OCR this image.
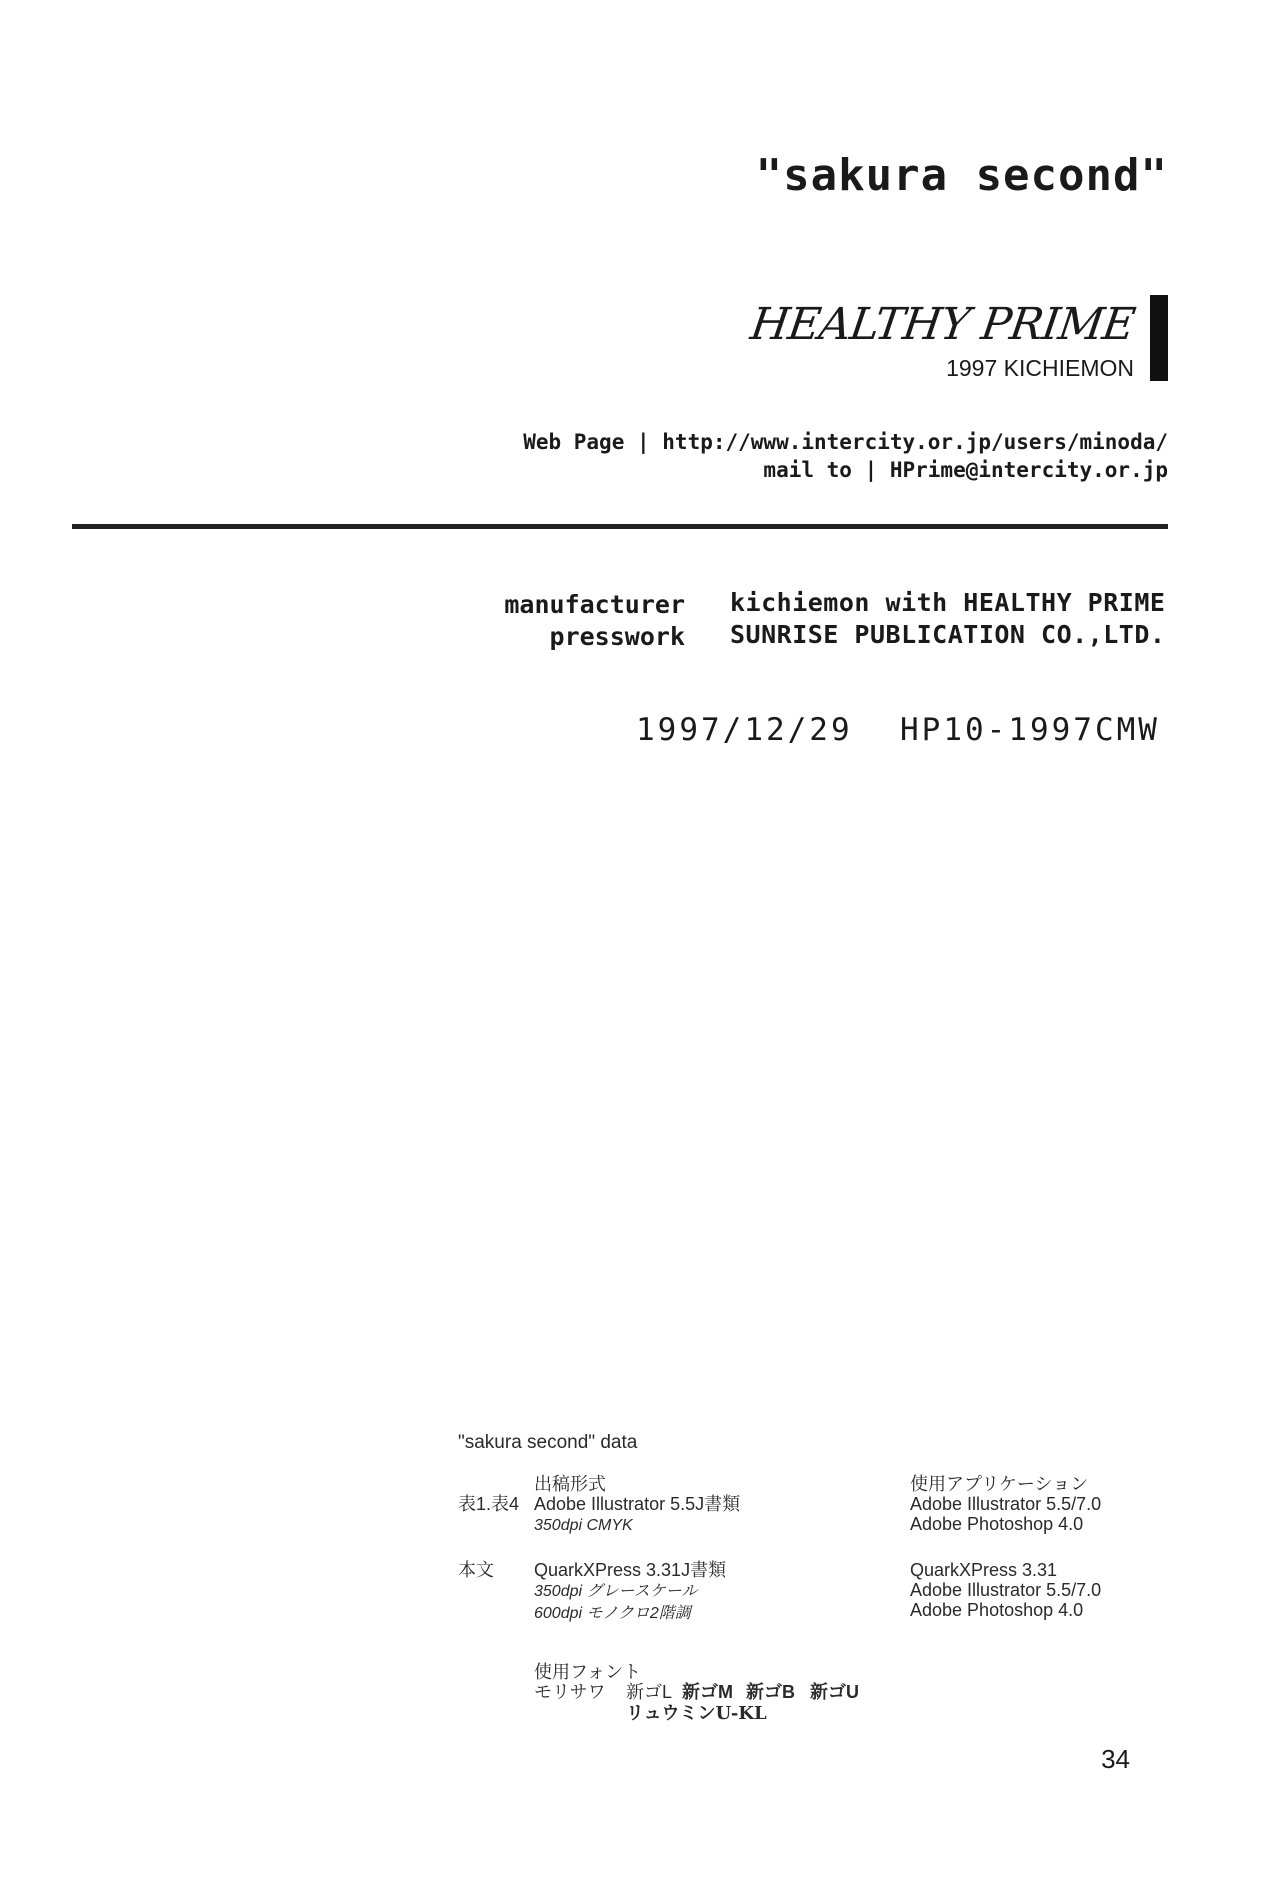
"sakura second"
HEALTHY PRIME
1997 KICHIEMON
Web Page | http://www.intercity.or.jp/users/minoda/
mail to | HPrime@intercity.or.jp
manufacturer kichiemon with HEALTHY PRIME
presswork SUNRISE PUBLICATION CO.,LTD.
1997/12/29 HP10-1997CMW
"sakura second" data
出稿形式
表1.表4 Adobe Illustrator 5.5J書類
350dpi CMYK
本文 QuarkXPress 3.31J書類
350dpi グレースケール
600dpi モノクロ2階調
使用アプリケーション
Adobe Illustrator 5.5/7.0
Adobe Photoshop 4.0
QuarkXPress 3.31
Adobe Illustrator 5.5/7.0
Adobe Photoshop 4.0
使用フォント
モリサワ 新ゴL 新ゴM 新ゴB 新ゴU
リュウミンU-KL
34
